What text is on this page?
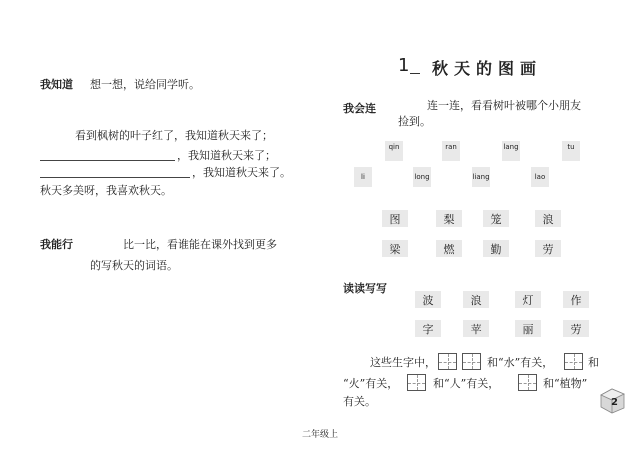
我知道 想一想，说给同学听。
看到枫树的叶子红了，我知道秋天来了；
，我知道秋天来了；
，我知道秋天来了。
秋天多美呀，我喜欢秋天。
我能行	比一比，看谁能在课外找到更多
的写秋天的词语。
1 秋天的图画
我会连	连一连，看看树叶被哪个小朋友
捡到。
qin
li
ran
long	liang
lang
lao
tu
图	梨	笼	浪
梁	燃	勤	劳
读读写写
波	浪	灯	作
字	苹	丽	劳
这些生字中，	和“水”有关，	和
“火”有关，	和“人”有关，	和“植物”
有关。	2
二年级上
